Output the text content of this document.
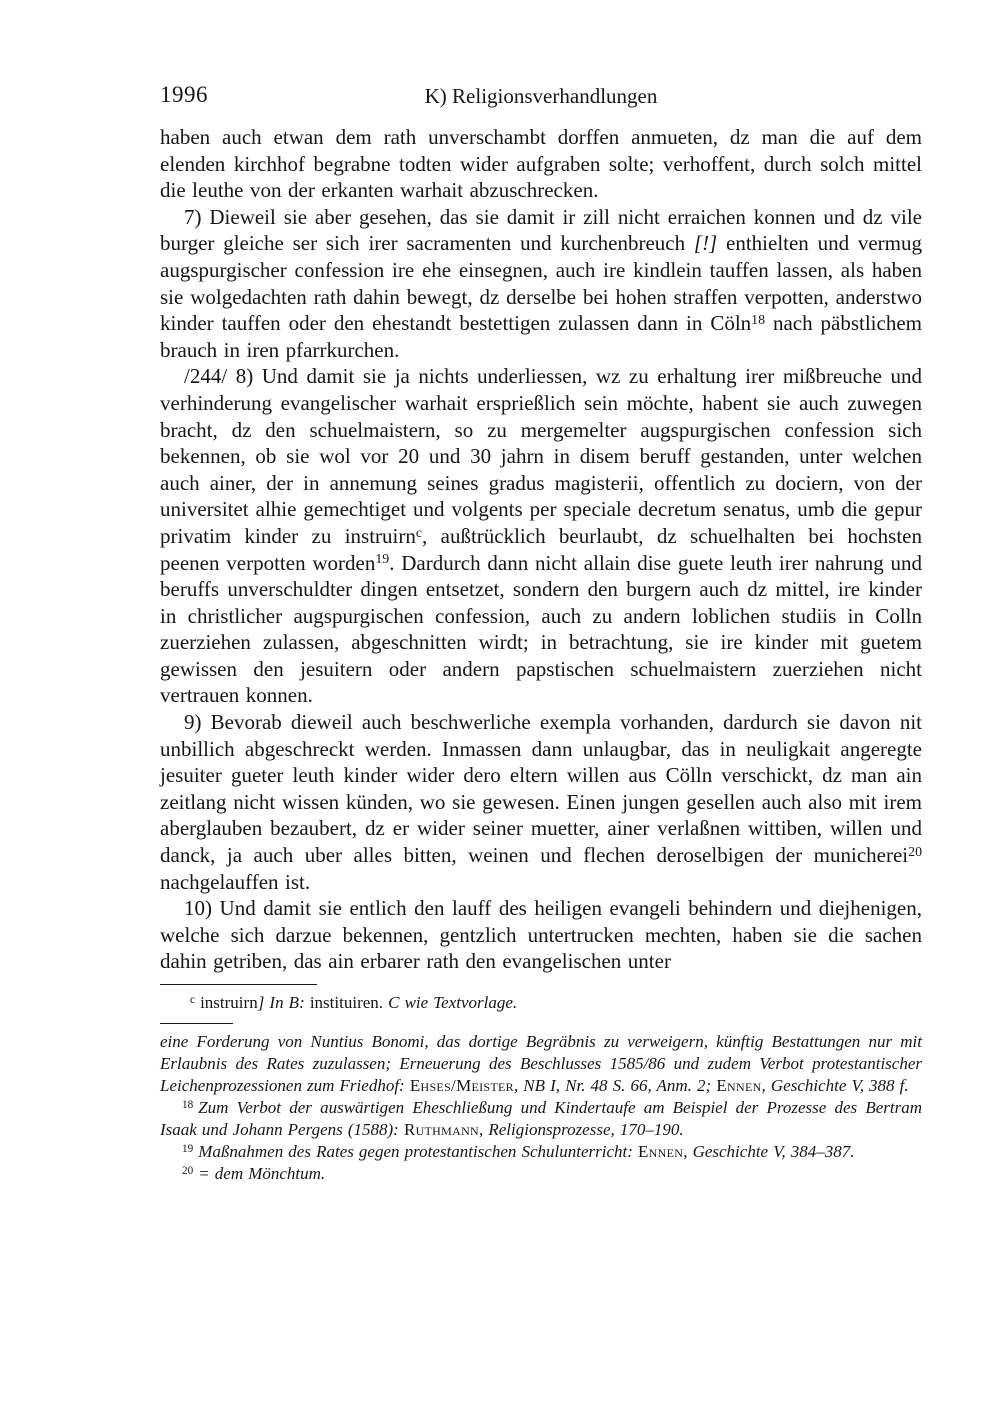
1996	K) Religionsverhandlungen

haben auch etwan dem rath unverschambt dorffen anmueten, dz man die auf dem elenden kirchhof begrabne todten wider aufgraben solte; verhoffent, durch solch mittel die leuthe von der erkanten warhait abzuschrecken.

7) Dieweil sie aber gesehen, das sie damit ir zill nicht erraichen konnen und dz vile burger gleiche ser sich irer sacramenten und kurchenbreuch [!] enthielten und vermug augspurgischer confession ire ehe einsegnen, auch ire kindlein tauffen lassen, als haben sie wolgedachten rath dahin bewegt, dz derselbe bei hohen straffen verpotten, anderstwo kinder tauffen oder den ehestandt bestettigen zulassen dann in Cöln$^{18}$ nach päbstlichem brauch in iren pfarrkurchen.

/244/ 8) Und damit sie ja nichts underliessen, wz zu erhaltung irer mißbreuche und verhinderung evangelischer warhait ersprießlich sein möchte, habent sie auch zuwegen bracht, dz den schuelmaistern, so zu mergemelter augspurgischen confession sich bekennen, ob sie wol vor 20 und 30 jahrn in disem beruff gestanden, unter welchen auch ainer, der in annemung seines gradus magisterii, offentlich zu dociern, von der universitet alhie gemechtiget und volgents per speciale decretum senatus, umb die gepur privatim kinder zu instruirn$^c$, außtrücklich beurlaubt, dz schuelhalten bei hochsten peenen verpotten worden$^{19}$. Dardurch dann nicht allain dise guete leuth irer nahrung und beruffs unverschuldter dingen entsetzet, sondern den burgern auch dz mittel, ire kinder in christlicher augspurgischen confession, auch zu andern loblichen studiis in Colln zuerziehen zulassen, abgeschnitten wirdt; in betrachtung, sie ire kinder mit guetem gewissen den jesuitern oder andern papstischen schuelmaistern zuerziehen nicht vertrauen konnen.

9) Bevorab dieweil auch beschwerliche exempla vorhanden, dardurch sie davon nit unbillich abgeschreckt werden. Inmassen dann unlaugbar, das in neuligkait angeregte jesuiter gueter leuth kinder wider dero eltern willen aus Cölln verschickt, dz man ain zeitlang nicht wissen künden, wo sie gewesen. Einen jungen gesellen auch also mit irem aberglauben bezaubert, dz er wider seiner muetter, ainer verlaßnen wittiben, willen und danck, ja auch uber alles bitten, weinen und flechen deroselbigen der municherei$^{20}$ nachgelauffen ist.

10) Und damit sie entlich den lauff des heiligen evangeli behindern und diejhenigen, welche sich darzue bekennen, gentzlich untertrucken mechten, haben sie die sachen dahin getriben, das ain erbarer rath den evangelischen unter

$^c$ instruirn] In B: instituiren. C wie Textvorlage.

eine Forderung von Nuntius Bonomi, das dortige Begräbnis zu verweigern, künftig Bestattungen nur mit Erlaubnis des Rates zuzulassen; Erneuerung des Beschlusses 1585/86 und zudem Verbot protestantischer Leichenprozessionen zum Friedhof: Ehses/Meister, NB I, Nr. 48 S. 66, Anm. 2; Ennen, Geschichte V, 388 f.

$^{18}$ Zum Verbot der auswärtigen Eheschließung und Kindertaufe am Beispiel der Prozesse des Bertram Isaak und Johann Pergens (1588): Ruthmann, Religionsprozesse, 170–190.

$^{19}$ Maßnahmen des Rates gegen protestantischen Schulunterricht: Ennen, Geschichte V, 384–387.

$^{20}$ = dem Mönchtum.
